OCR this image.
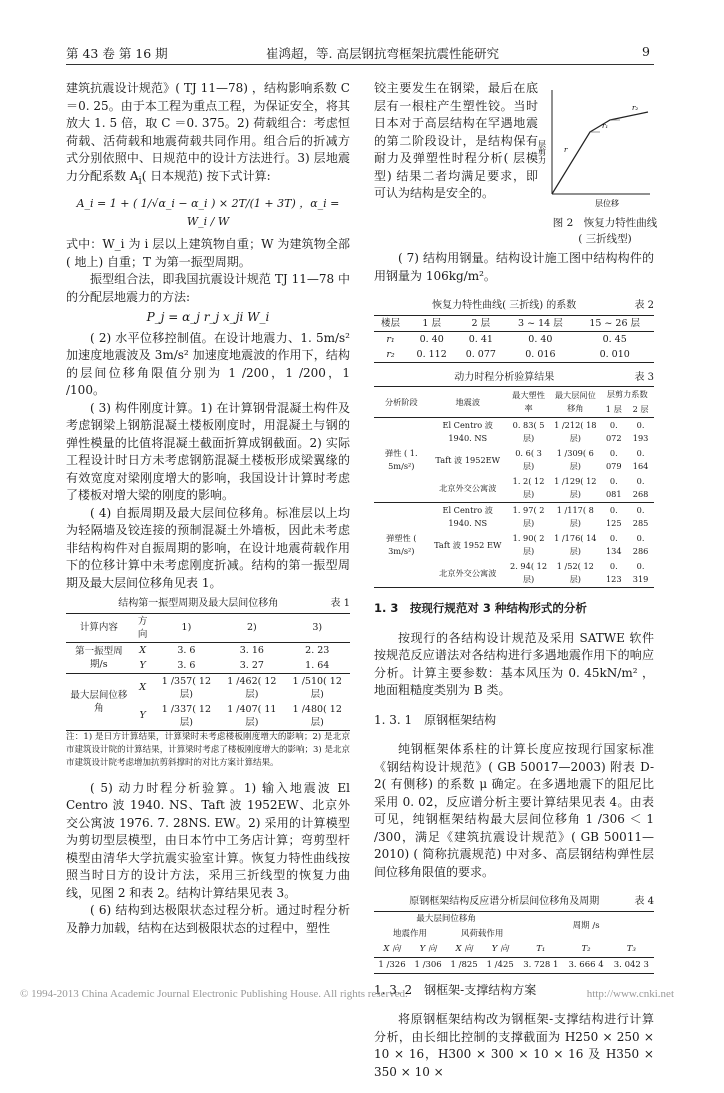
第 43 卷 第 16 期	崔鸿超，等. 高层钢抗弯框架抗震性能研究	9

建筑抗震设计规范》( TJ 11—78) ，结构影响系数 C ＝0. 25。由于本工程为重点工程，为保证安全，将其放大 1. 5 倍，取 C ＝0. 375。2) 荷载组合：考虑恒荷载、活荷载和地震荷载共同作用。组合后的折减方式分别依照中、日规范中的设计方法进行。3) 层地震力分配系数 $A_i$( 日本规范) 按下式计算:

A_i = 1 + ( 1/√α_i − α_i ) × 2T/(1 + 3T) ，α_i = W_i / W

式中：W_i 为 i 层以上建筑物自重；W 为建筑物全部( 地上) 自重；T 为第一振型周期。

振型组合法，即我国抗震设计规范 TJ 11—78 中的分配层地震力的方法:

P_j = α_j r_j x_ji W_i

( 2) 水平位移控制值。在设计地震力、1. 5m/s² 加速度地震波及 3m/s² 加速度地震波的作用下，结构的层间位移角限值分别为 1 /200，1 /200，1 /100。

( 3) 构件刚度计算。1) 在计算钢骨混凝土构件及考虑钢梁上钢筋混凝土楼板刚度时，用混凝土与钢的弹性模量的比值将混凝土截面折算成钢截面。2) 实际工程设计时日方未考虑钢筋混凝土楼板形成梁翼缘的有效宽度对梁刚度增大的影响，我国设计计算时考虑了楼板对增大梁的刚度的影响。

( 4) 自振周期及最大层间位移角。标准层以上均为轻隔墙及铰连接的预制混凝土外墙板，因此未考虑非结构构件对自振周期的影响，在设计地震荷载作用下的位移计算中未考虑刚度折减。结构的第一振型周期及最大层间位移角见表 1。

结构第一振型周期及最大层间位移角	表 1
计算内容	方向	1)	2)	3)
第一振型周期/s	X	3. 6	3. 16	2. 23
	Y	3. 6	3. 27	1. 64
最大层间位移角	X	1 /357( 12 层)	1 /462( 12 层)	1 /510( 12 层)
	Y	1 /337( 12 层)	1 /407( 11 层)	1 /480( 12 层)

注：1) 是日方计算结果，计算梁时未考虑楼板刚度增大的影响；2) 是北京市建筑设计院的计算结果，计算梁时考虑了楼板刚度增大的影响；3) 是北京市建筑设计院考虑增加抗剪斜撑时的对比方案计算结果。

( 5) 动力时程分析验算。1) 输入地震波 El Centro 波 1940. NS、Taft 波 1952EW、北京外交公寓波 1976. 7. 28NS. EW。2) 采用的计算模型为剪切型层模型，由日本竹中工务店计算；弯剪型杆模型由清华大学抗震实验室计算。恢复力特性曲线按照当时日方的设计方法，采用三折线型的恢复力曲线，见图 2 和表 2。结构计算结果见表 3。

( 6) 结构到达极限状态过程分析。通过时程分析及静力加载，结构在达到极限状态的过程中，塑性

铰主要发生在钢梁，最后在底层有一根柱产生塑性铰。当时日本对于高层结构在罕遇地震的第二阶段设计，是结构保有耐力及弹塑性时程分析( 层模型) 结果二者均满足要求，即可认为结构是安全的。
层剪力
层位移
r
r₁
r₂
图 2　恢复力特性曲线
( 三折线型)

( 7) 结构用钢量。结构设计施工图中结构构件的用钢量为 106kg/m²。

恢复力特性曲线( 三折线) 的系数	表 2
楼层	1 层	2 层	3 ~ 14 层	15 ~ 26 层
r₁	0. 40	0. 41	0. 40	0. 45
r₂	0. 112	0. 077	0. 016	0. 010
动力时程分析验算结果	表 3
分析阶段	地震波	最大塑性率	最大层间位移角	层剪力系数	
				1 层	2 层
弹性 ( 1. 5m/s²)	El Centro 波 1940. NS	0. 83( 5 层)	1 /212( 18 层)	0. 072	0. 193
	Taft 波 1952EW	0. 6( 3 层)	1 /309( 6 层)	0. 079	0. 164
	北京外交公寓波	1. 2( 12 层)	1 /129( 12 层)	0. 081	0. 268
弹塑性 ( 3m/s²)	El Centro 波 1940. NS	1. 97( 2 层)	1 /117( 8 层)	0. 125	0. 285
	Taft 波 1952 EW	1. 90( 2 层)	1 /176( 14 层)	0. 134	0. 286
	北京外交公寓波	2. 94( 12 层)	1 /52( 12 层)	0. 123	0. 319

1. 3　按现行规范对 3 种结构形式的分析

按现行的各结构设计规范及采用 SATWE 软件按规范反应谱法对各结构进行多遇地震作用下的响应分析。计算主要参数：基本风压为 0. 45kN/m² ，地面粗糙度类别为 B 类。

1. 3. 1　原钢框架结构

纯钢框架体系柱的计算长度应按现行国家标准《钢结构设计规范》( GB 50017—2003) 附表 D-2( 有侧移) 的系数 μ 确定。在多遇地震下的阻尼比采用 0. 02，反应谱分析主要计算结果见表 4。由表可见，纯钢框架结构最大层间位移角 1 /306 ＜ 1 /300，满足《建筑抗震设计规范》( GB 50011—2010) ( 简称抗震规范) 中对多、高层钢结构弹性层间位移角限值的要求。

原钢框架结构反应谱分析层间位移角及周期	表 4
最大层间位移角				周期 /s		
地震作用		风荷载作用				
X 向	Y 向	X 向	Y 向	T₁	T₂	T₃
1 /326	1 /306	1 /825	1 /425	3. 728 1	3. 666 4	3. 042 3

1. 3. 2　钢框架-支撑结构方案

将原钢框架结构改为钢框架-支撑结构进行计算分析，由长细比控制的支撑截面为 H250 × 250 × 10 × 16，H300 × 300 × 10 × 16 及 H350 × 350 × 10 ×

© 1994-2013 China Academic Journal Electronic Publishing House. All rights reserved.	http://www.cnki.net
